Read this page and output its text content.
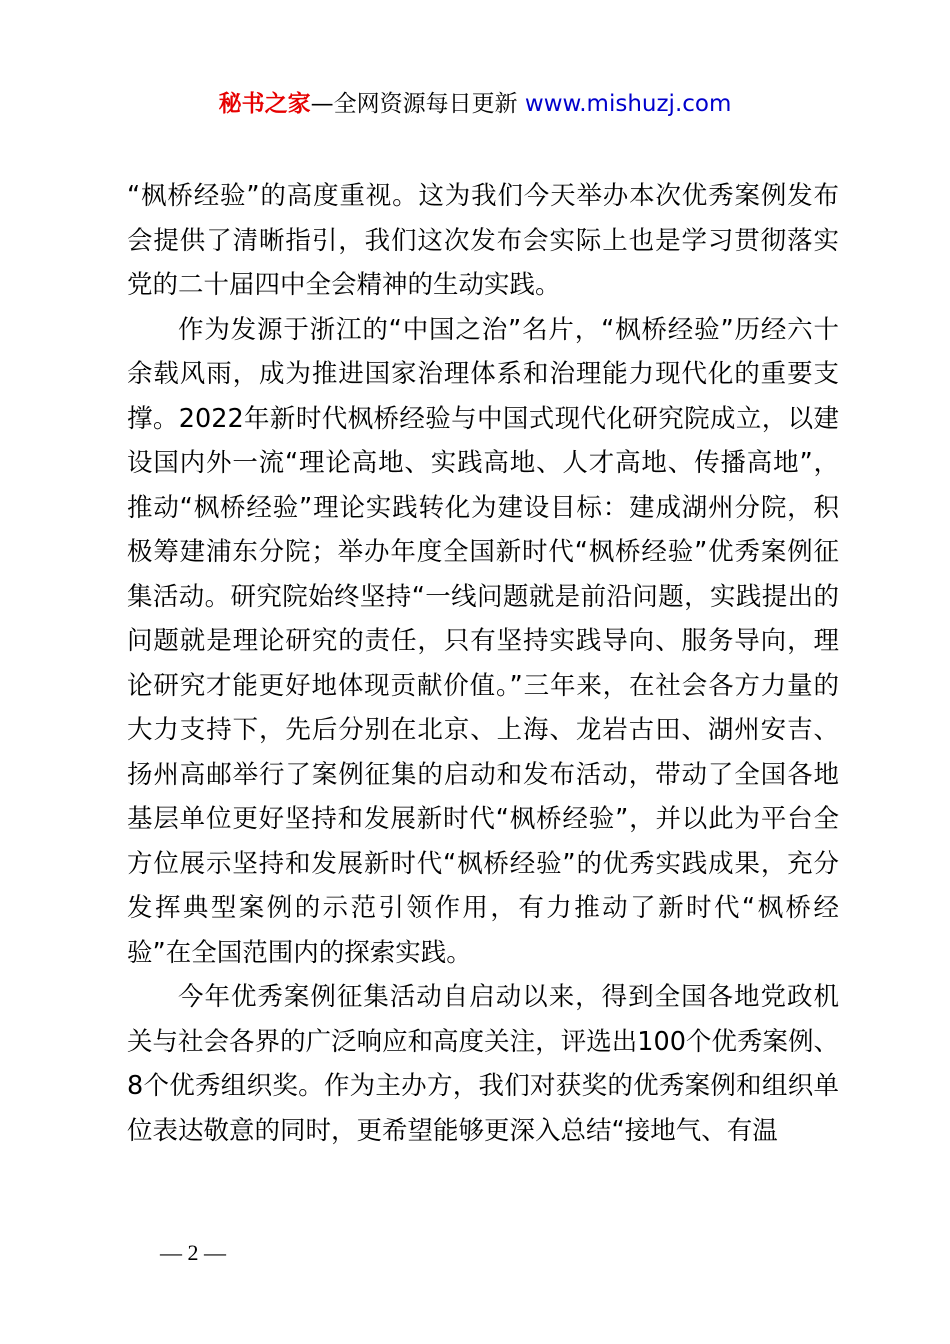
秘书之家—全网资源每日更新 www.mishuzj.com

“枫桥经验”的高度重视。这为我们今天举办本次优秀案例发布会提供了清晰指引，我们这次发布会实际上也是学习贯彻落实党的二十届四中全会精神的生动实践。

作为发源于浙江的“中国之治”名片，“枫桥经验”历经六十余载风雨，成为推进国家治理体系和治理能力现代化的重要支撑。2022年新时代枫桥经验与中国式现代化研究院成立，以建设国内外一流“理论高地、实践高地、人才高地、传播高地”，推动“枫桥经验”理论实践转化为建设目标：建成湖州分院，积极筹建浦东分院；举办年度全国新时代“枫桥经验”优秀案例征集活动。研究院始终坚持“一线问题就是前沿问题，实践提出的问题就是理论研究的责任，只有坚持实践导向、服务导向，理论研究才能更好地体现贡献价值。”三年来，在社会各方力量的大力支持下，先后分别在北京、上海、龙岩古田、湖州安吉、扬州高邮举行了案例征集的启动和发布活动，带动了全国各地基层单位更好坚持和发展新时代“枫桥经验”，并以此为平台全方位展示坚持和发展新时代“枫桥经验”的优秀实践成果，充分发挥典型案例的示范引领作用，有力推动了新时代“枫桥经验”在全国范围内的探索实践。

今年优秀案例征集活动自启动以来，得到全国各地党政机关与社会各界的广泛响应和高度关注，评选出100个优秀案例、8个优秀组织奖。作为主办方，我们对获奖的优秀案例和组织单位表达敬意的同时，更希望能够更深入总结“接地气、有温

— 2 —
